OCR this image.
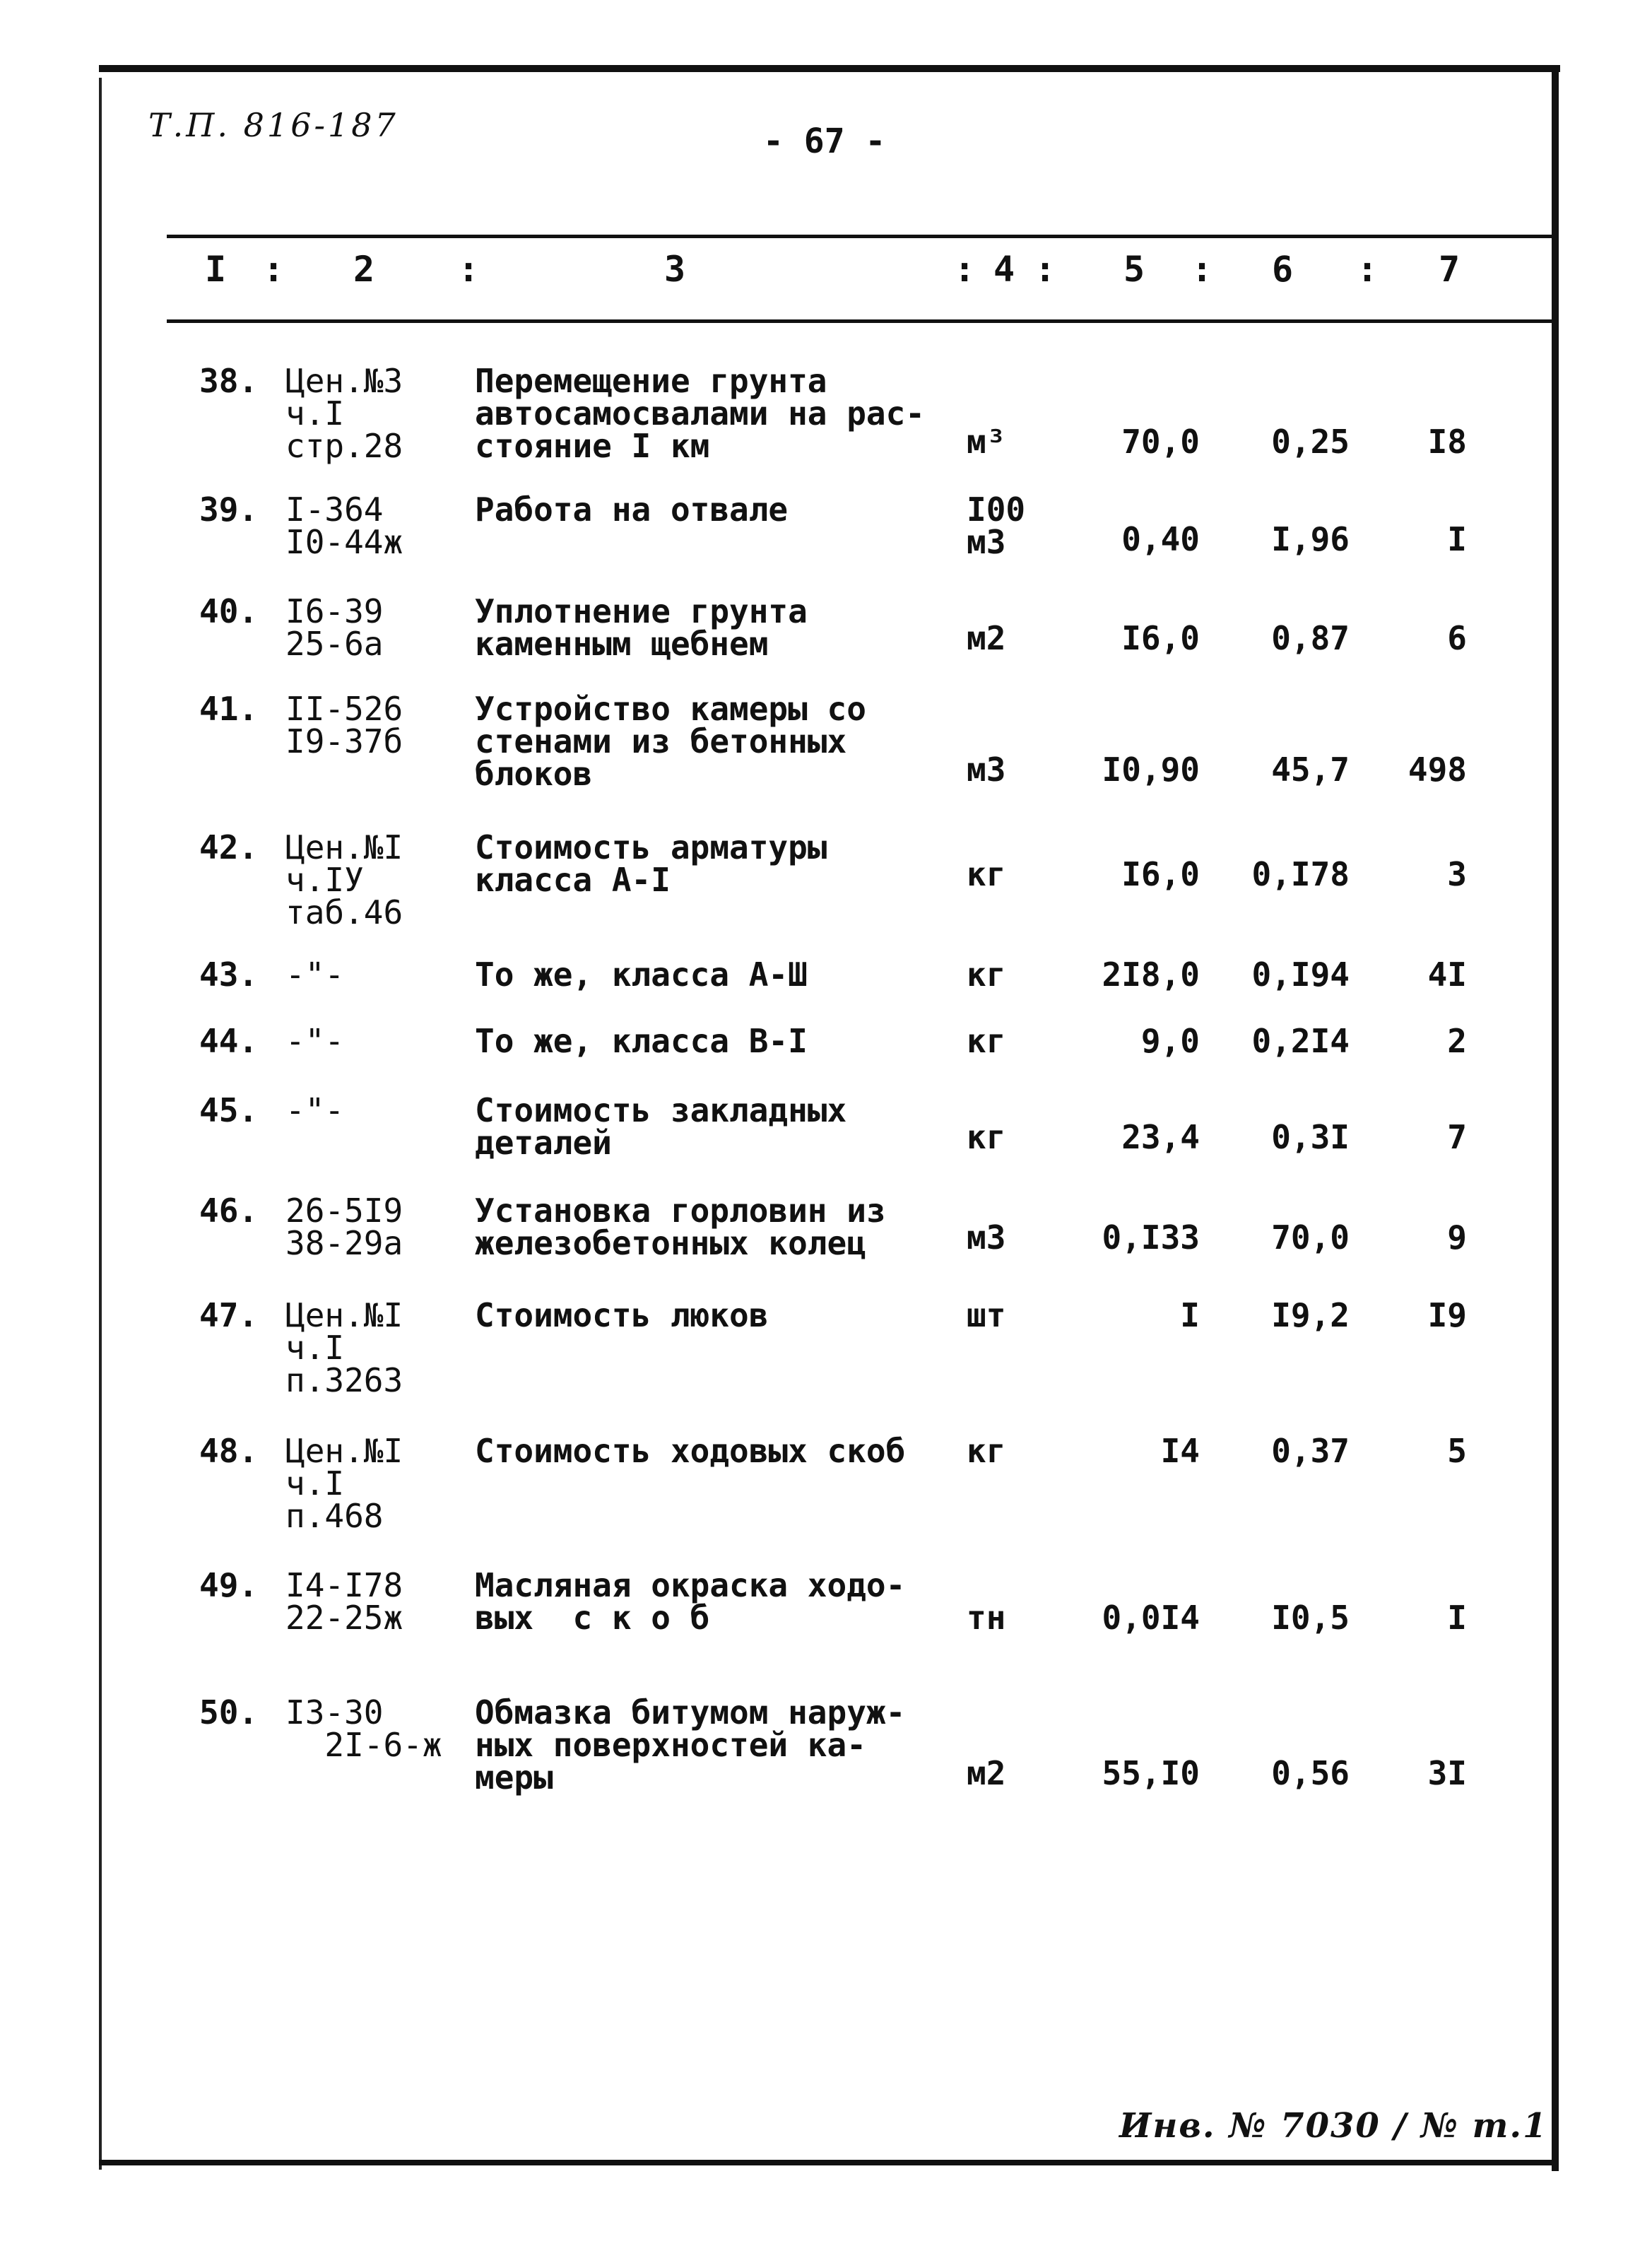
Т.П. 816-187	- 67 -
I : 2 :	3	: 4 : 5 : 6 : 7
38. Цен.№3
ч.I
стр.28
Перемещение грунта
автосамосвалами на рас-
стояние I км	м³	70,0 0,25 I8
39. I-364
I0-44ж
Работа на отвале	I00
м3	0,40 I,96	I
40. I6-39
25-6а
Уплотнение грунта
каменным щебнем	м2	I6,0 0,87	6
41. II-526
I9-37б
Устройство камеры со
стенами из бетонных
блоков	м3	I0,90 45,7 498
42. Цен.№I
ч.IУ
таб.46
Стоимость арматуры
класса А-I	кг	I6,0 0,I78	3
43. -"-	То же, класса А-Ш	кг	2I8,0 0,I94 4I
44. -"-	То же, класса В-I	кг	9,0 0,2I4	2
45. -"-	Стоимость закладных
деталей	кг	23,4 0,3I	7
46. 26-5I9
38-29а
Установка горловин из
железобетонных колец	м3	0,I33 70,0	9
47. Цен.№I
ч.I
п.3263
Стоимость люков	шт	I I9,2 I9
48. Цен.№I
ч.I
п.468
Стоимость ходовых скоб кг	I4 0,37	5
49. I4-I78
22-25ж
Масляная окраска ходо-
вых  с к о б	тн	0,0I4 I0,5	I
50. I3-30
2I-6-ж
Обмазка битумом наруж-
ных поверхностей ка-
меры	м2	55,I0 0,56 3I
Инв. № 7030 / № т.1
